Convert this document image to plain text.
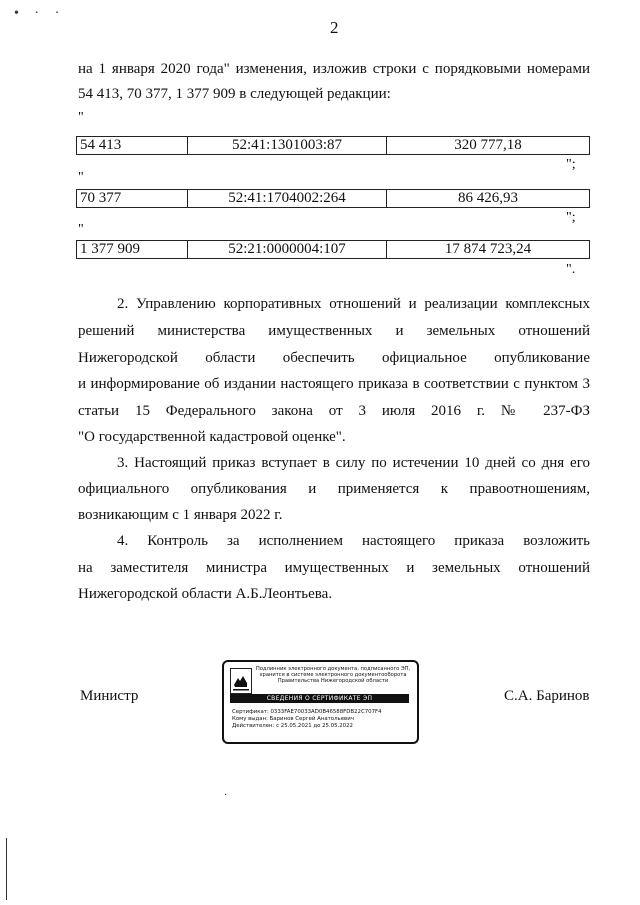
• · ·
2
на 1 января 2020 года" изменения, изложив строки с порядковыми номерами
54 413, 70 377, 1 377 909 в следующей редакции:
"
54 413	52:41:1301003:87	320 777,18
";
"
70 377	52:41:1704002:264	86 426,93
";
"
1 377 909	52:21:0000004:107	17 874 723,24
".
2. Управлению корпоративных отношений и реализации комплексных
решений министерства имущественных и земельных отношений
Нижегородской области обеспечить официальное опубликование
и информирование об издании настоящего приказа в соответствии с пунктом 3
статьи 15 Федерального закона от 3 июля 2016 г. № 237-ФЗ
"О государственной кадастровой оценке".
3. Настоящий приказ вступает в силу по истечении 10 дней со дня его
официального опубликования и применяется к правоотношениям,
возникающим с 1 января 2022 г.
4. Контроль за исполнением настоящего приказа возложить
на заместителя министра имущественных и земельных отношений
Нижегородской области А.Б.Леонтьева.
Министр
Подлинник электронного документа, подписанного ЭП, хранится в системе электронного документооборота Правительства Нижегородской области
СВЕДЕНИЯ О СЕРТИФИКАТЕ ЭП
Сертификат: 0333FAE70033AD0B46588FDB22C707F4
Кому выдан: Баринов Сергей Анатольевич
Действителен: с 25.05.2021 до 25.05.2022
С.А. Баринов
·
